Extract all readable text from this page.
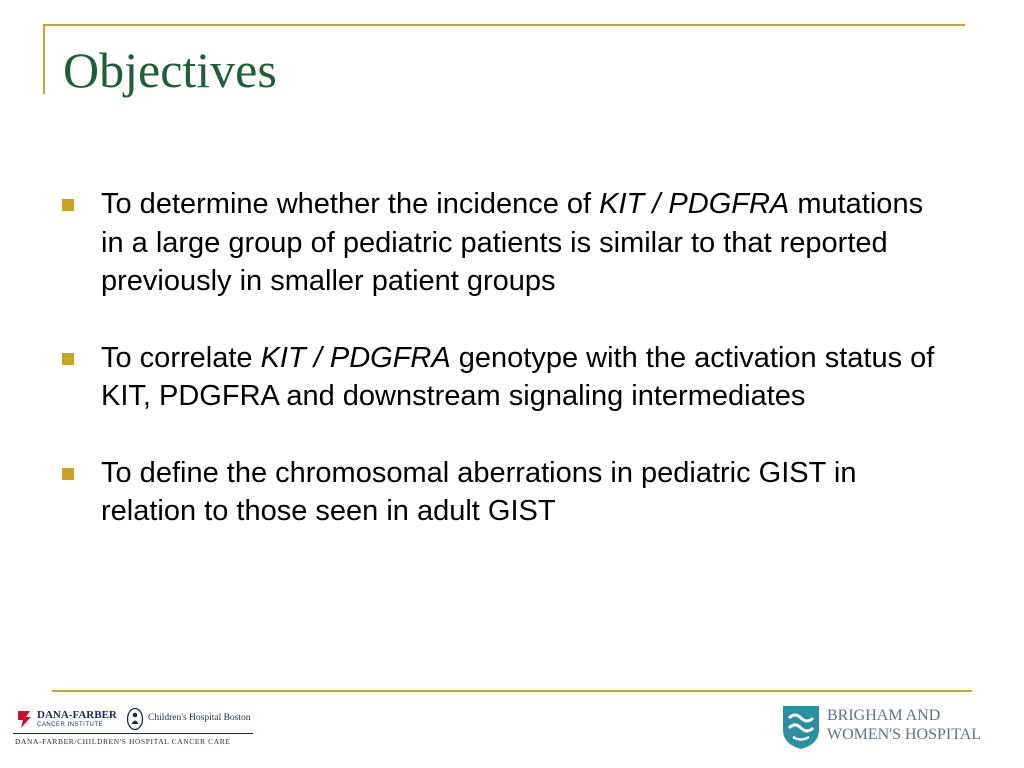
Objectives
To determine whether the incidence of KIT / PDGFRA mutations in a large group of pediatric patients is similar to that reported previously in smaller patient groups
To correlate KIT / PDGFRA genotype with the activation status of KIT, PDGFRA and downstream signaling intermediates
To define the chromosomal aberrations in pediatric GIST in relation to those seen in adult GIST
DANA-FARBER
CANCER INSTITUTE
Children's Hospital Boston
DANA-FARBER/CHILDREN'S HOSPITAL CANCER CARE
BRIGHAM AND
WOMEN'S HOSPITAL
